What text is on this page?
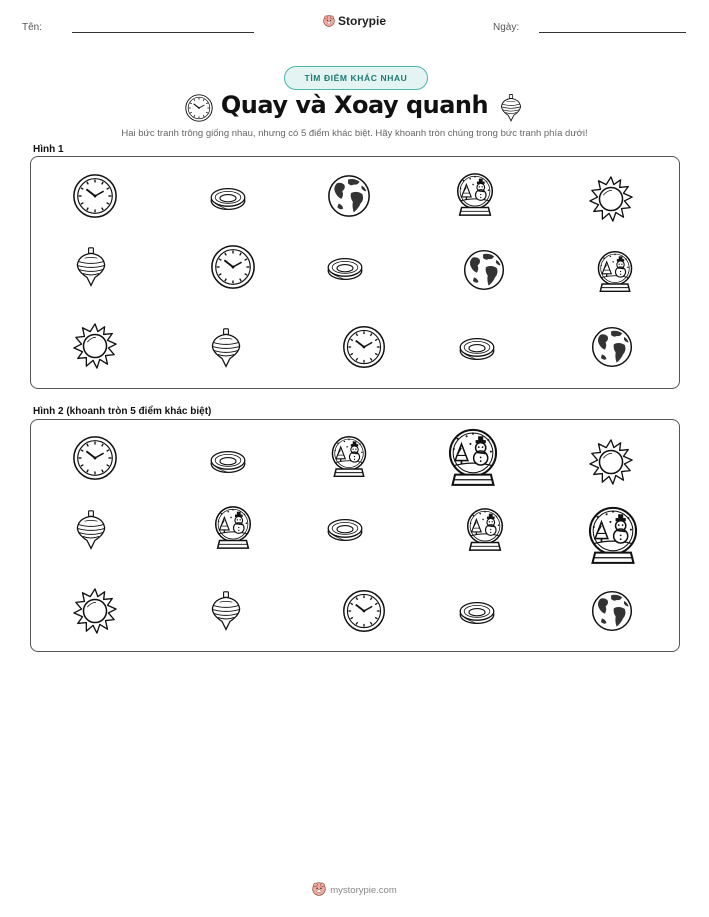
Tên:	Storypie	Ngày:
TÌM ĐIỂM KHÁC NHAU
Quay và Xoay quanh
Hai bức tranh trông giống nhau, nhưng có 5 điểm khác biệt. Hãy khoanh tròn chúng trong bức tranh phía dưới!
Hình 1
Hình 2 (khoanh tròn 5 điểm khác biệt)
mystorypie.com
